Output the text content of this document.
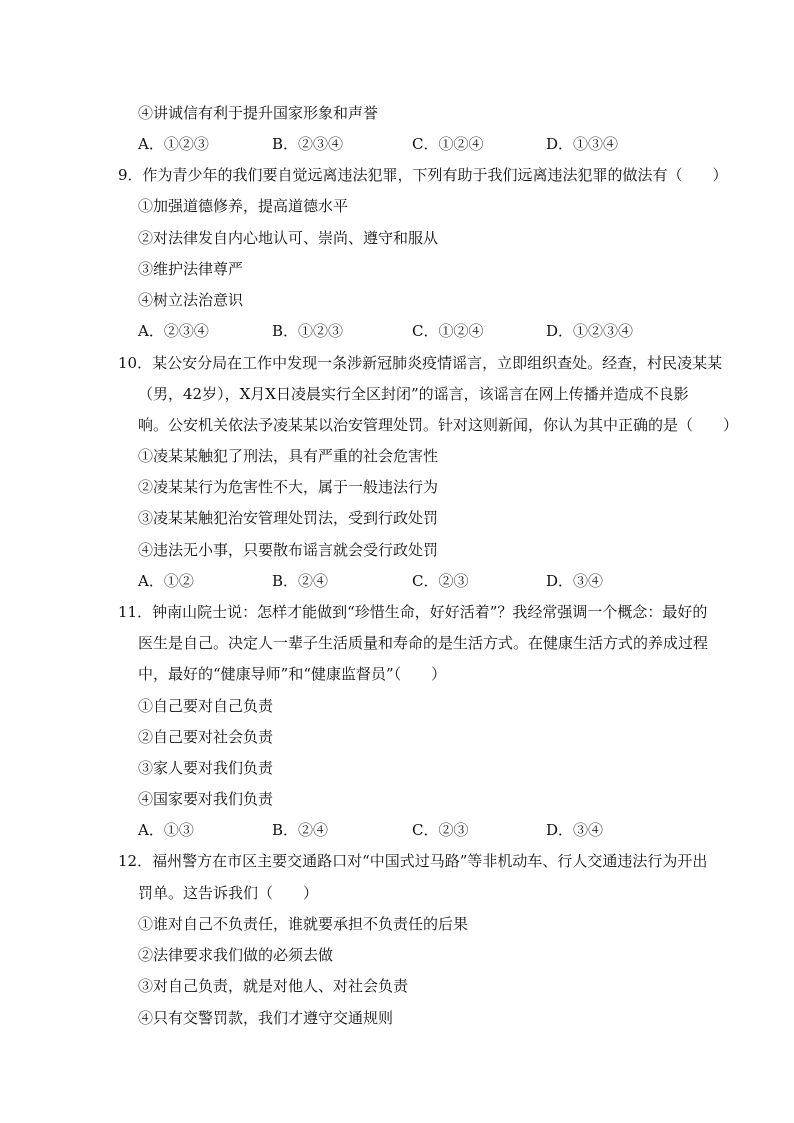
④讲诚信有利于提升国家形象和声誉
A．①②③	B．②③④	C．①②④	D．①③④
9．作为青少年的我们要自觉远离违法犯罪，下列有助于我们远离违法犯罪的做法有（　　）
①加强道德修养，提高道德水平
②对法律发自内心地认可、崇尚、遵守和服从
③维护法律尊严
④树立法治意识
A．②③④	B．①②③	C．①②④	D．①②③④
10．某公安分局在工作中发现一条涉新冠肺炎疫情谣言，立即组织查处。经查，村民凌某某
（男，42岁），X月X日凌晨实行全区封闭”的谣言，该谣言在网上传播并造成不良影
响。公安机关依法予凌某某以治安管理处罚。针对这则新闻，你认为其中正确的是（　　）
①凌某某触犯了刑法，具有严重的社会危害性
②凌某某行为危害性不大，属于一般违法行为
③凌某某触犯治安管理处罚法，受到行政处罚
④违法无小事，只要散布谣言就会受行政处罚
A．①②	B．②④	C．②③	D．③④
11．钟南山院士说：怎样才能做到“珍惜生命，好好活着”？我经常强调一个概念：最好的
医生是自己。决定人一辈子生活质量和寿命的是生活方式。在健康生活方式的养成过程
中，最好的“健康导师”和“健康监督员”（　　）
①自己要对自己负责
②自己要对社会负责
③家人要对我们负责
④国家要对我们负责
A．①③	B．②④	C．②③	D．③④
12．福州警方在市区主要交通路口对“中国式过马路”等非机动车、行人交通违法行为开出
罚单。这告诉我们（　　）
①谁对自己不负责任，谁就要承担不负责任的后果
②法律要求我们做的必须去做
③对自己负责，就是对他人、对社会负责
④只有交警罚款，我们才遵守交通规则
